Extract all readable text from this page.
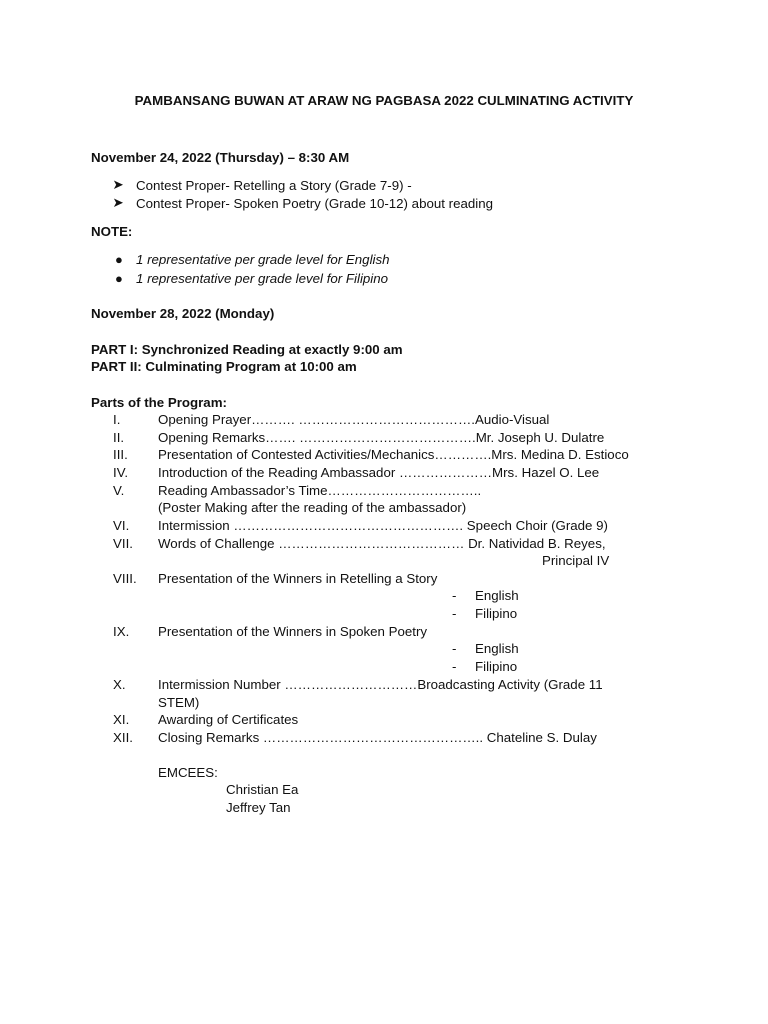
PAMBANSANG BUWAN AT ARAW NG PAGBASA 2022 CULMINATING ACTIVITY
November 24, 2022 (Thursday) – 8:30 AM
➤ Contest Proper- Retelling a Story (Grade 7-9) -
➤ Contest Proper- Spoken Poetry (Grade 10-12) about reading
NOTE:
● 1 representative per grade level for English
● 1 representative per grade level for Filipino
November 28, 2022 (Monday)
PART I: Synchronized Reading at exactly 9:00 am
PART II: Culminating Program at 10:00 am
Parts of the Program:
I.	Opening Prayer………. ………………………………….Audio-Visual
II.	Opening Remarks……. ………………………………….Mr. Joseph U. Dulatre
III. Presentation of Contested Activities/Mechanics………….Mrs. Medina D. Estioco
IV. Introduction of the Reading Ambassador …………………Mrs. Hazel O. Lee
V.	Reading Ambassador’s Time……………………………..
(Poster Making after the reading of the ambassador)
VI. Intermission ……………………………………………. Speech Choir (Grade 9)
VII. Words of Challenge …………………………………… Dr. Natividad B. Reyes,
Principal IV
VIII. Presentation of the Winners in Retelling a Story
- English
- Filipino
IX. Presentation of the Winners in Spoken Poetry
- English
- Filipino
X. Intermission Number …………………………Broadcasting Activity (Grade 11
STEM)
XI. Awarding of Certificates
XII. Closing Remarks ………………………………………….. Chateline S. Dulay
EMCEES:
Christian Ea
Jeffrey Tan
